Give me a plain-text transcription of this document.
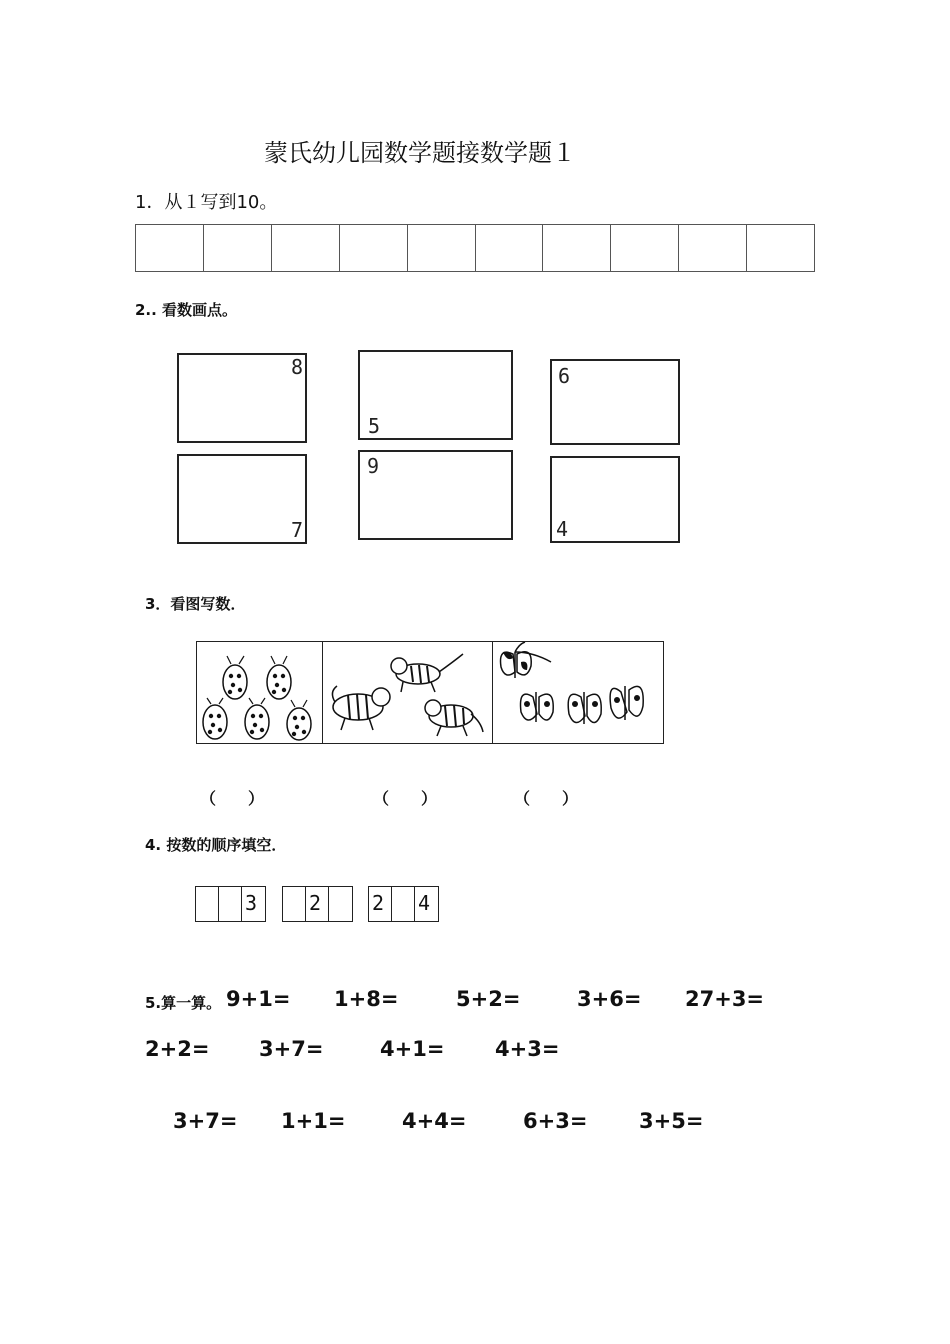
蒙氏幼儿园数学题接数学题１
1．从１写到10。
2.. 看数画点。
8
5
6
7
9
4
3．看图写数．
（　　）	（　　）	（　　）
4. 按数的顺序填空．
3	2	2 4
5.算一算。 9+1= 1+8=	5+2=	3+6= 27+3=
2+2= 3+7=	4+1= 4+3=
3+7= 1+1=	4+4=	6+3= 3+5=
